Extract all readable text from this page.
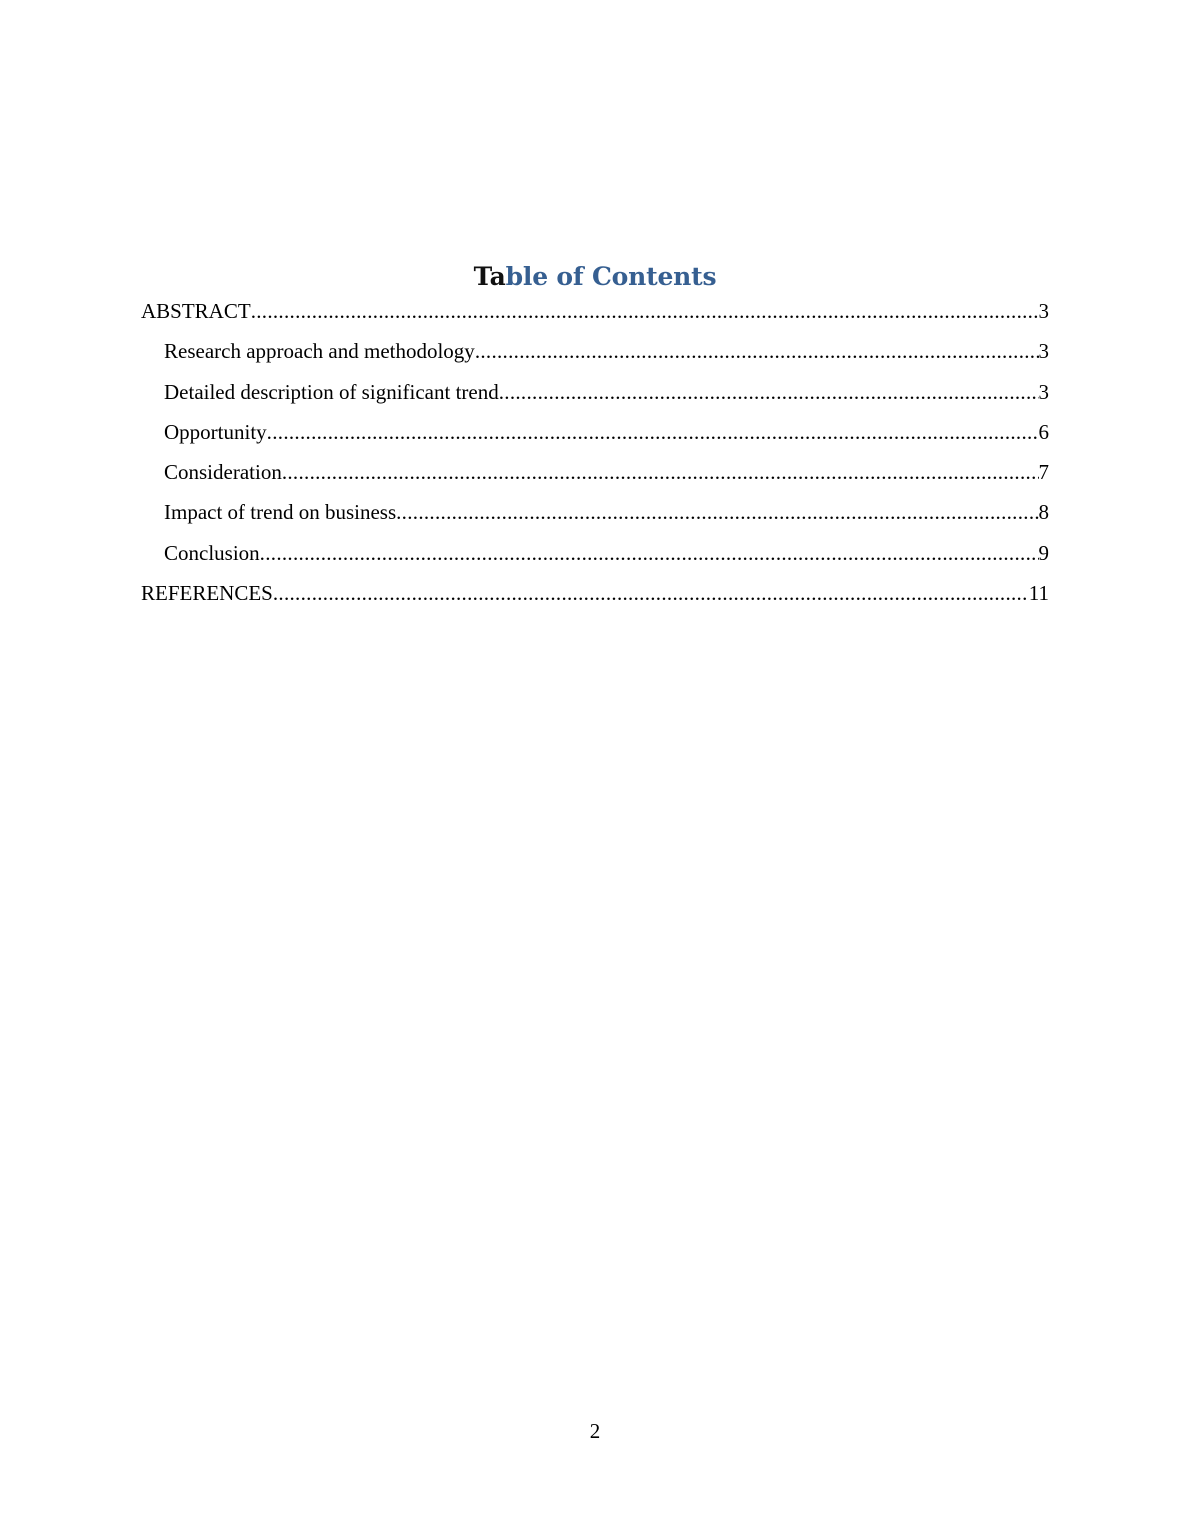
Table of Contents
ABSTRACT .....	3
Research approach and methodology .....	3
Detailed description of significant trend .....	3
Opportunity .....	6
Consideration .....	7
Impact of trend on business .....	8
Conclusion .....	9
REFERENCES .....	11
2
